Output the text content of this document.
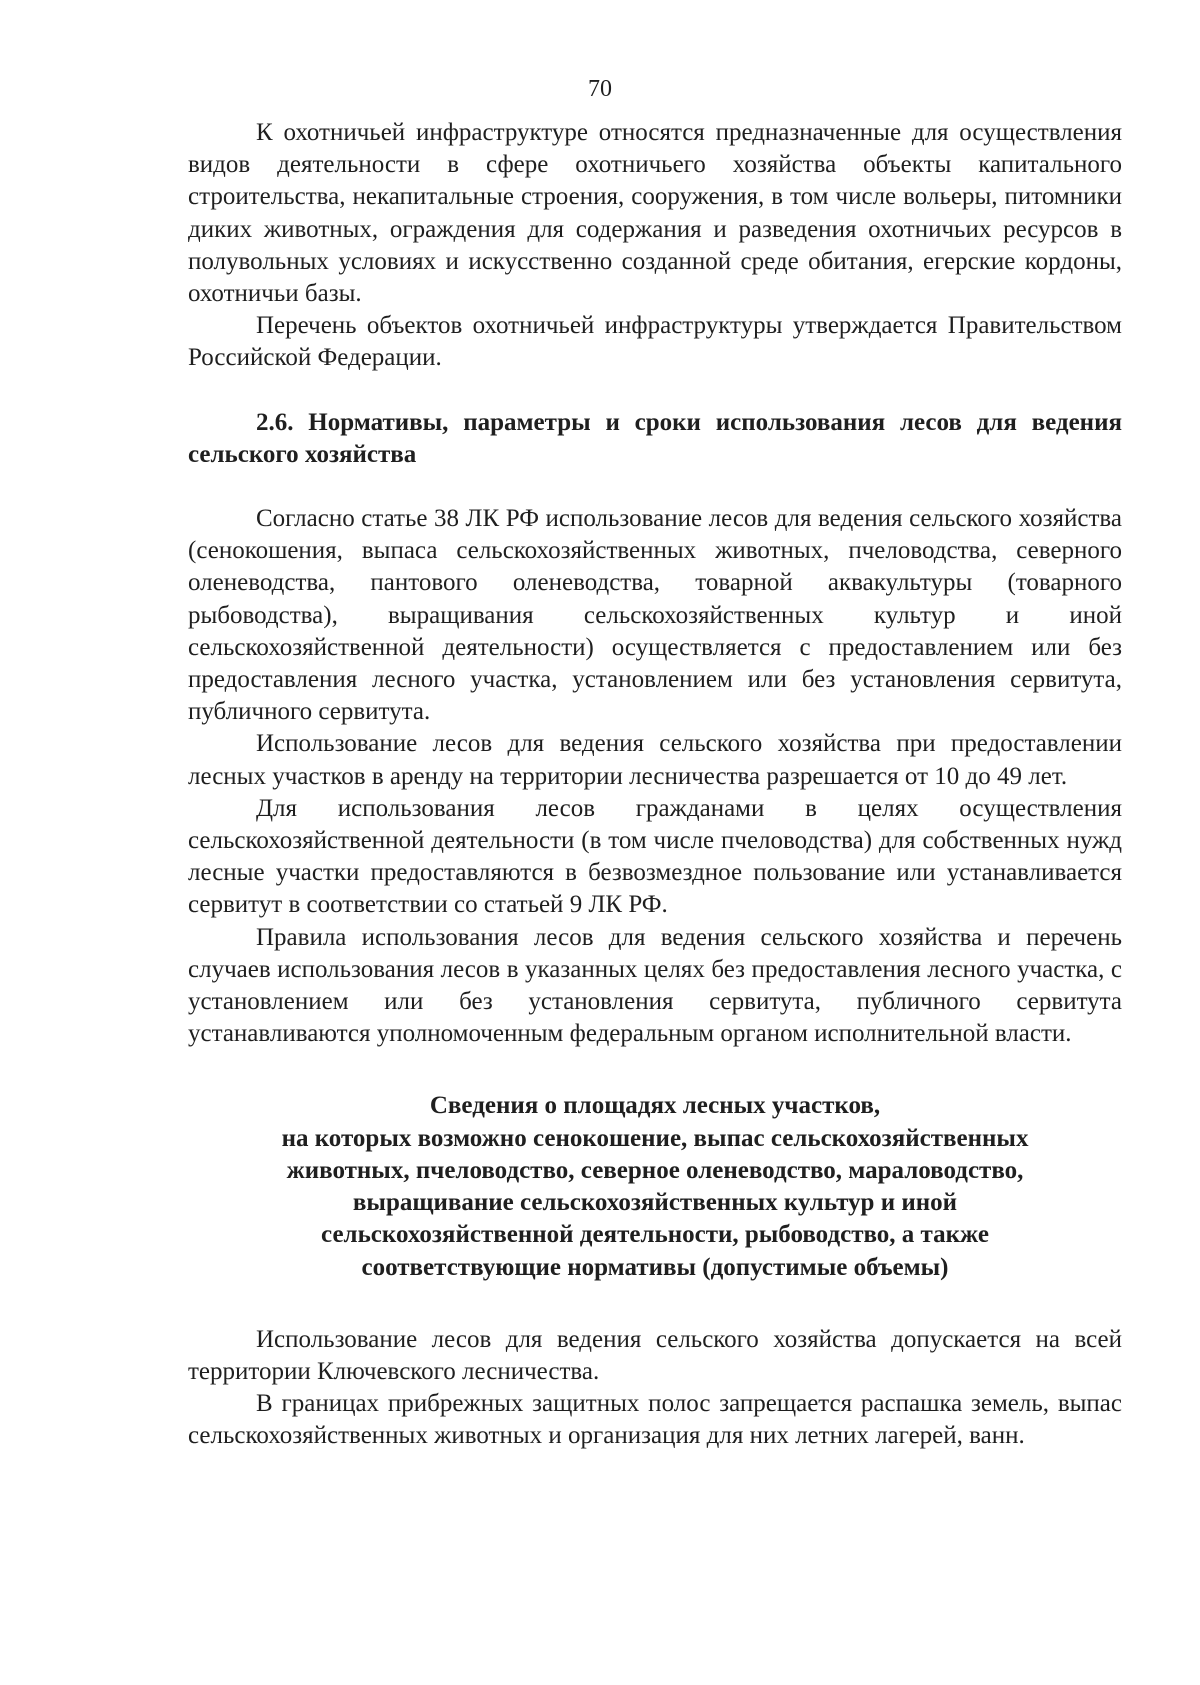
70

К охотничьей инфраструктуре относятся предназначенные для осуществления видов деятельности в сфере охотничьего хозяйства объекты капитального строительства, некапитальные строения, сооружения, в том числе вольеры, питомники диких животных, ограждения для содержания и разведения охотничьих ресурсов в полувольных условиях и искусственно созданной среде обитания, егерские кордоны, охотничьи базы.

Перечень объектов охотничьей инфраструктуры утверждается Правительством Российской Федерации.

2.6. Нормативы, параметры и сроки использования лесов для ведения сельского хозяйства

Согласно статье 38 ЛК РФ использование лесов для ведения сельского хозяйства (сенокошения, выпаса сельскохозяйственных животных, пчеловодства, северного оленеводства, пантового оленеводства, товарной аквакультуры (товарного рыбоводства), выращивания сельскохозяйственных культур и иной сельскохозяйственной деятельности) осуществляется с предоставлением или без предоставления лесного участка, установлением или без установления сервитута, публичного сервитута.

Использование лесов для ведения сельского хозяйства при предоставлении лесных участков в аренду на территории лесничества разрешается от 10 до 49 лет.

Для использования лесов гражданами в целях осуществления сельскохозяйственной деятельности (в том числе пчеловодства) для собственных нужд лесные участки предоставляются в безвозмездное пользование или устанавливается сервитут в соответствии со статьей 9 ЛК РФ.

Правила использования лесов для ведения сельского хозяйства и перечень случаев использования лесов в указанных целях без предоставления лесного участка, с установлением или без установления сервитута, публичного сервитута устанавливаются уполномоченным федеральным органом исполнительной власти.

Сведения о площадях лесных участков,
на которых возможно сенокошение, выпас сельскохозяйственных
животных, пчеловодство, северное оленеводство, мараловодство,
выращивание сельскохозяйственных культур и иной
сельскохозяйственной деятельности, рыбоводство, а также
соответствующие нормативы (допустимые объемы)

Использование лесов для ведения сельского хозяйства допускается на всей территории Ключевского лесничества.

В границах прибрежных защитных полос запрещается распашка земель, выпас сельскохозяйственных животных и организация для них летних лагерей, ванн.
